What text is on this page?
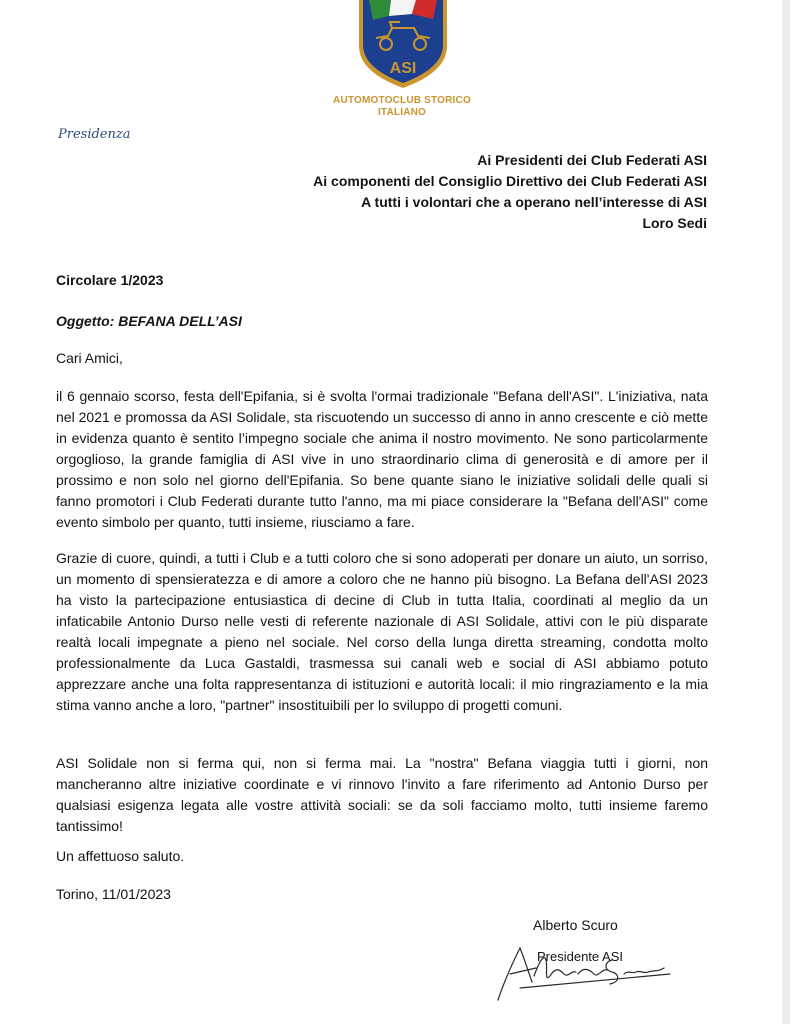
ASI
AUTOMOTOCLUB STORICO
ITALIANO
Presidenza
Ai Presidenti dei Club Federati ASI
Ai componenti del Consiglio Direttivo dei Club Federati ASI
A tutti i volontari che a operano nell’interesse di ASI
Loro Sedi
Circolare 1/2023
Oggetto: BEFANA DELL’ASI
Cari Amici,
il 6 gennaio scorso, festa dell'Epifania, si è svolta l'ormai tradizionale "Befana dell'ASI". L'iniziativa, nata nel 2021 e promossa da ASI Solidale, sta riscuotendo un successo di anno in anno crescente e ciò mette in evidenza quanto è sentito l’impegno sociale che anima il nostro movimento. Ne sono particolarmente orgoglioso, la grande famiglia di ASI vive in uno straordinario clima di generosità e di amore per il prossimo e non solo nel giorno dell'Epifania. So bene quante siano le iniziative solidali delle quali si fanno promotori i Club Federati durante tutto l'anno, ma mi piace considerare la "Befana dell'ASI" come evento simbolo per quanto, tutti insieme, riusciamo a fare.
Grazie di cuore, quindi, a tutti i Club e a tutti coloro che si sono adoperati per donare un aiuto, un sorriso, un momento di spensieratezza e di amore a coloro che ne hanno più bisogno. La Befana dell'ASI 2023 ha visto la partecipazione entusiastica di decine di Club in tutta Italia, coordinati al meglio da un infaticabile Antonio Durso nelle vesti di referente nazionale di ASI Solidale, attivi con le più disparate realtà locali impegnate a pieno nel sociale. Nel corso della lunga diretta streaming, condotta molto professionalmente da Luca Gastaldi, trasmessa sui canali web e social di ASI abbiamo potuto apprezzare anche una folta rappresentanza di istituzioni e autorità locali: il mio ringraziamento e la mia stima vanno anche a loro, "partner" insostituibili per lo sviluppo di progetti comuni.
ASI Solidale non si ferma qui, non si ferma mai. La "nostra" Befana viaggia tutti i giorni, non mancheranno altre iniziative coordinate e vi rinnovo l'invito a fare riferimento ad Antonio Durso per qualsiasi esigenza legata alle vostre attività sociali: se da soli facciamo molto, tutti insieme faremo tantissimo!
Un affettuoso saluto.
Torino, 11/01/2023
Alberto Scuro
Presidente ASI
